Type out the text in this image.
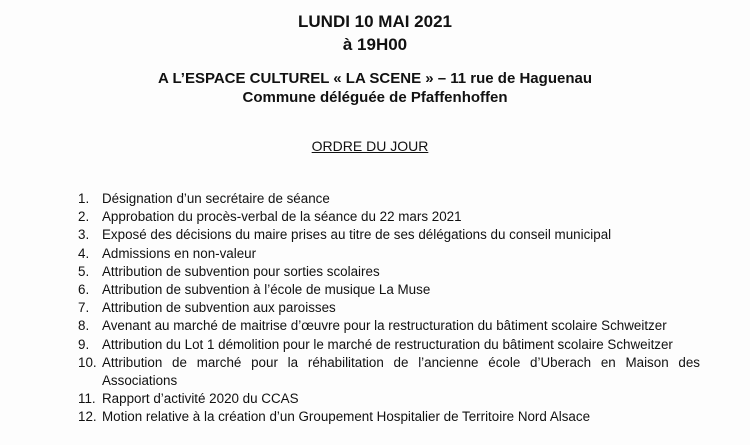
LUNDI 10 MAI 2021
à 19H00
A L’ESPACE CULTUREL « LA SCENE » – 11 rue de Haguenau
Commune déléguée de Pfaffenhoffen
ORDRE DU JOUR
1. Désignation d’un secrétaire de séance
2. Approbation du procès-verbal de la séance du 22 mars 2021
3. Exposé des décisions du maire prises au titre de ses délégations du conseil municipal
4. Admissions en non-valeur
5. Attribution de subvention pour sorties scolaires
6. Attribution de subvention à l’école de musique La Muse
7. Attribution de subvention aux paroisses
8. Avenant au marché de maitrise d’œuvre pour la restructuration du bâtiment scolaire Schweitzer
9. Attribution du Lot 1 démolition pour le marché de restructuration du bâtiment scolaire Schweitzer
10. Attribution de marché pour la réhabilitation de l’ancienne école d’Uberach en Maison des Associations
11. Rapport d’activité 2020 du CCAS
12. Motion relative à la création d’un Groupement Hospitalier de Territoire Nord Alsace
